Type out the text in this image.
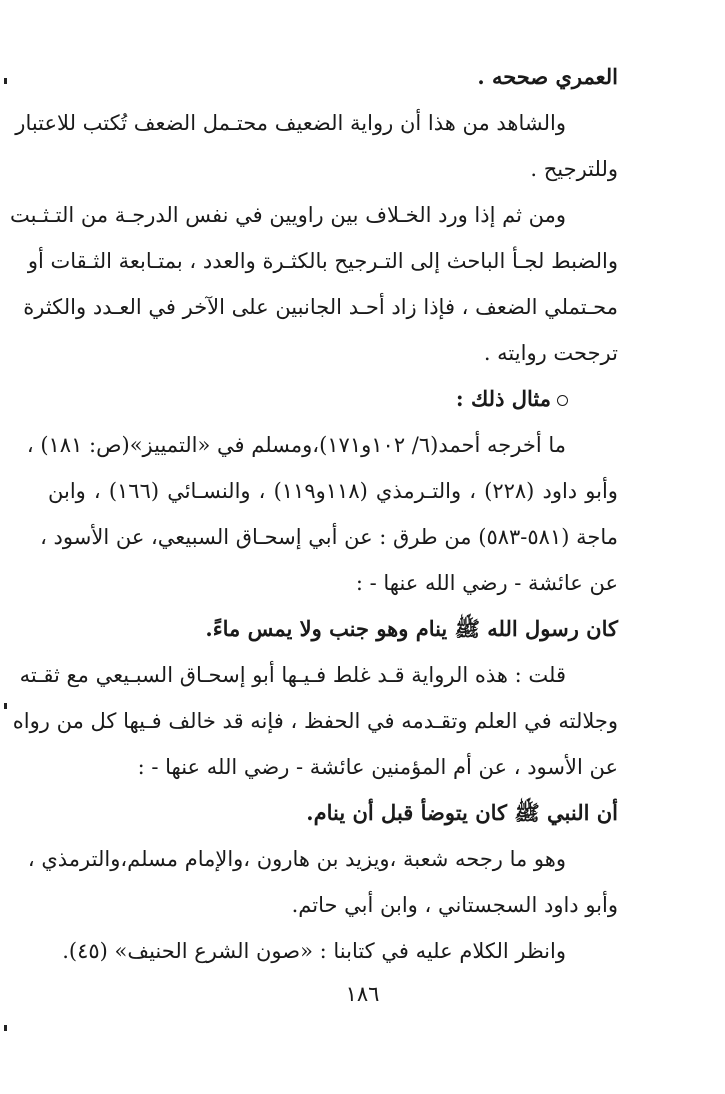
العمري صححه .
والشاهد من هذا أن رواية الضعيف محتـمل الضعف تُكتب للاعتبار
وللترجيح .
ومن ثم إذا ورد الخـلاف بين راويين في نفس الدرجـة من التـثـبت
والضبط لجـأ الباحث إلى التـرجيح بالكثـرة والعدد ، بمتـابعة الثـقات أو
محـتملي الضعف ، فإذا زاد أحـد الجانبين على الآخر في العـدد والكثرة
ترجحت روايته .
مثال ذلك :
ما أخرجه أحمد(٦/ ١٠٢و١٧١)،ومسلم في «التمييز»(ص: ١٨١) ،
وأبو داود (٢٢٨) ، والتـرمذي (١١٨و١١٩) ، والنسـائي (١٦٦) ، وابن
ماجة (٥٨١-٥٨٣) من طرق : عن أبي إسحـاق السبيعي، عن الأسود ،
عن عائشة - رضي الله عنها - :
كان رسول الله ﷺ ينام وهو جنب ولا يمس ماءً.
قلت : هذه الرواية قـد غلط فـيـها أبو إسحـاق السبـيعي مع ثقـته
وجلالته في العلم وتقـدمه في الحفظ ، فإنه قد خالف فـيها كل من رواه
عن الأسود ، عن أم المؤمنين عائشة - رضي الله عنها - :
أن النبي ﷺ كان يتوضأ قبل أن ينام.
وهو ما رجحه شعبة ،ويزيد بن هارون ،والإمام مسلم،والترمذي ،
وأبو داود السجستاني ، وابن أبي حاتم.
وانظر الكلام عليه في كتابنا : «صون الشرع الحنيف» (٤٥).
١٨٦
